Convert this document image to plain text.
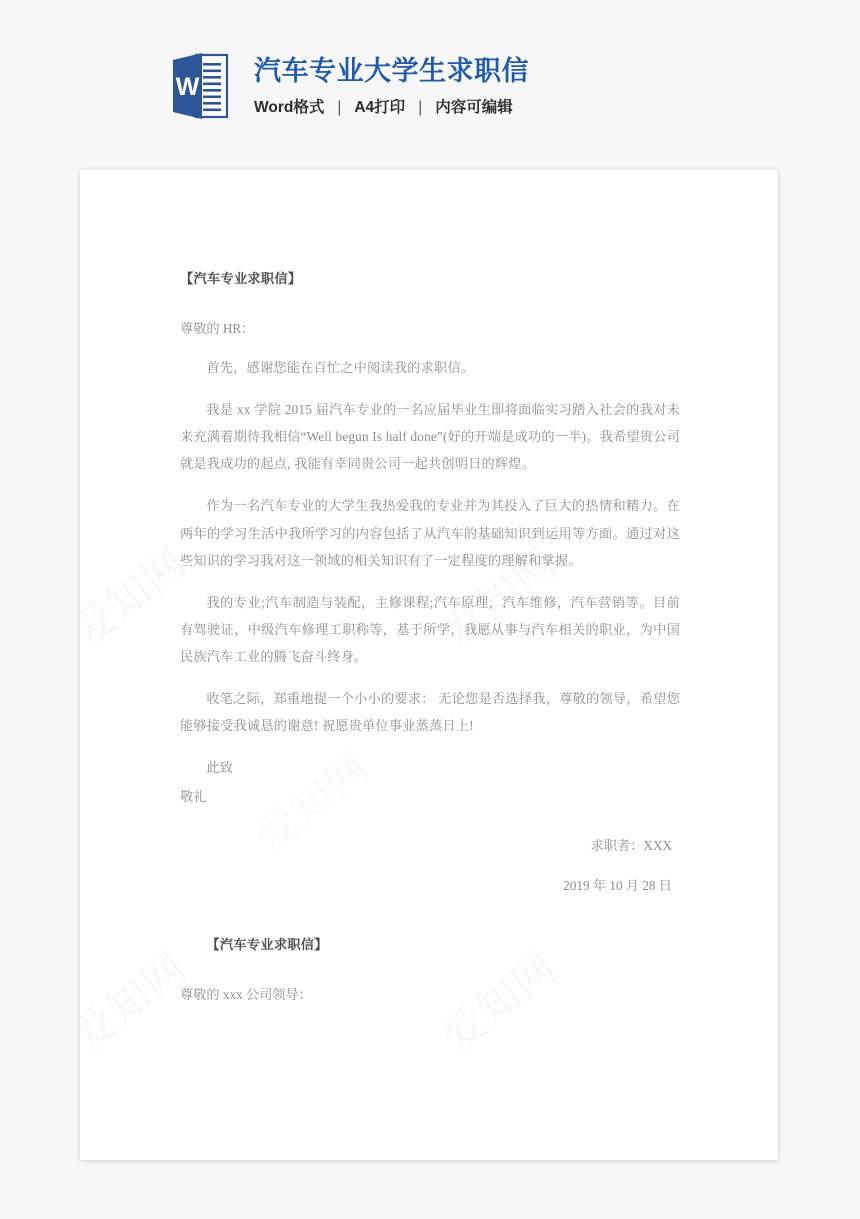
W
汽车专业大学生求职信
Word格式 | A4打印 | 内容可编辑
【汽车专业求职信】
尊敬的 HR：

首先，感谢您能在百忙之中阅读我的求职信。

我是 xx 学院 2015 届汽车专业的一名应届毕业生即将面临实习踏入社会的我对未来充满着期待我相信“Well begun Is half done”(好的开端是成功的一半)。我希望贵公司就是我成功的起点, 我能有幸同贵公司一起共创明日的辉煌。

作为一名汽车专业的大学生我热爱我的专业并为其投入了巨大的热情和精力。在两年的学习生活中我所学习的内容包括了从汽车的基础知识到运用等方面。通过对这些知识的学习我对这一领域的相关知识有了一定程度的理解和掌握。

我的专业;汽车制造与装配，主修课程;汽车原理，汽车维修，汽车营销等。目前有驾驶证，中级汽车修理工职称等，基于所学，我愿从事与汽车相关的职业，为中国民族汽车工业的腾飞奋斗终身。

收笔之际，郑重地提一个小小的要求： 无论您是否选择我，尊敬的领导，希望您能够接受我诚恳的谢意! 祝愿贵单位事业蒸蒸日上!

此致
敬礼
求职者：XXX
2019 年 10 月 28 日
【汽车专业求职信】
尊敬的 xxx 公司领导：
